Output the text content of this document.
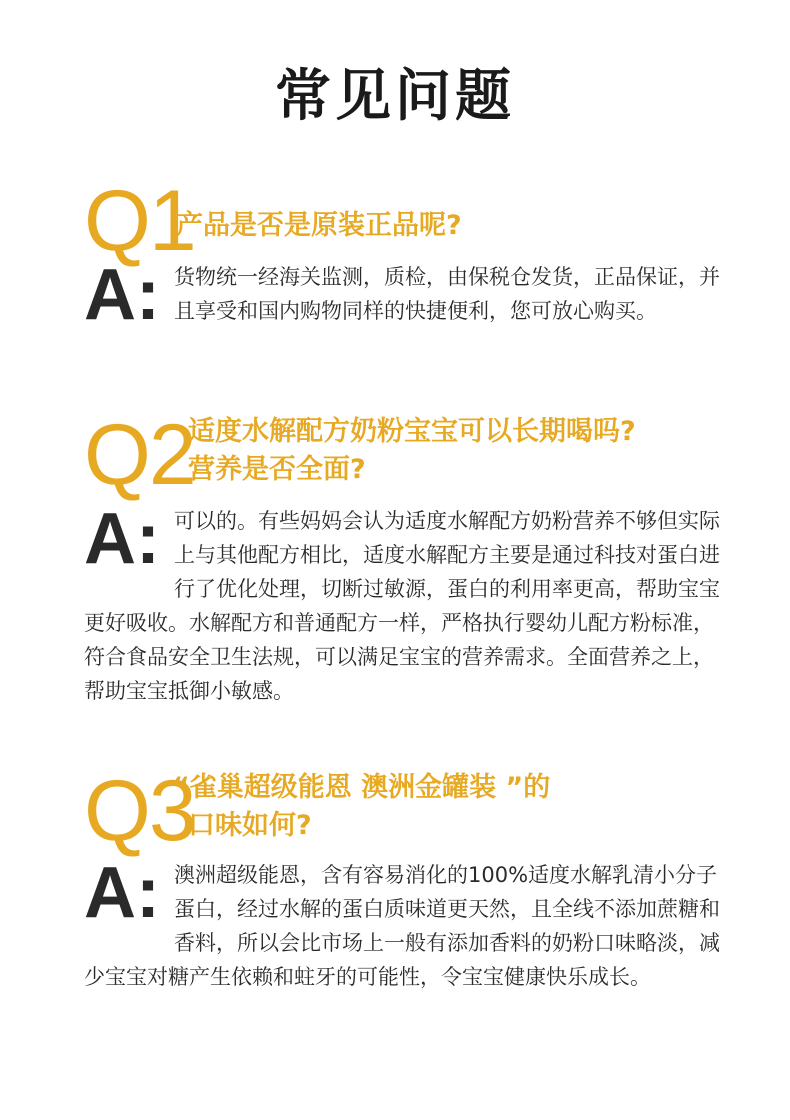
常见问题
Q1
产品是否是原装正品呢?
A: 货物统一经海关监测，质检，由保税仓发货，正品保证，并且享受和国内购物同样的快捷便利，您可放心购买。

Q2
适度水解配方奶粉宝宝可以长期喝吗?
营养是否全面?
A: 可以的。有些妈妈会认为适度水解配方奶粉营养不够但实际上与其他配方相比，适度水解配方主要是通过科技对蛋白进行了优化处理，切断过敏源，蛋白的利用率更高，帮助宝宝更好吸收。水解配方和普通配方一样，严格执行婴幼儿配方粉标准，符合食品安全卫生法规，可以满足宝宝的营养需求。全面营养之上，帮助宝宝抵御小敏感。

Q3
“雀巢超级能恩 澳洲金罐装 ”的
口味如何?
A: 澳洲超级能恩，含有容易消化的100%适度水解乳清小分子蛋白，经过水解的蛋白质味道更天然，且全线不添加蔗糖和香料，所以会比市场上一般有添加香料的奶粉口味略淡，减少宝宝对糖产生依赖和蛀牙的可能性，令宝宝健康快乐成长。
